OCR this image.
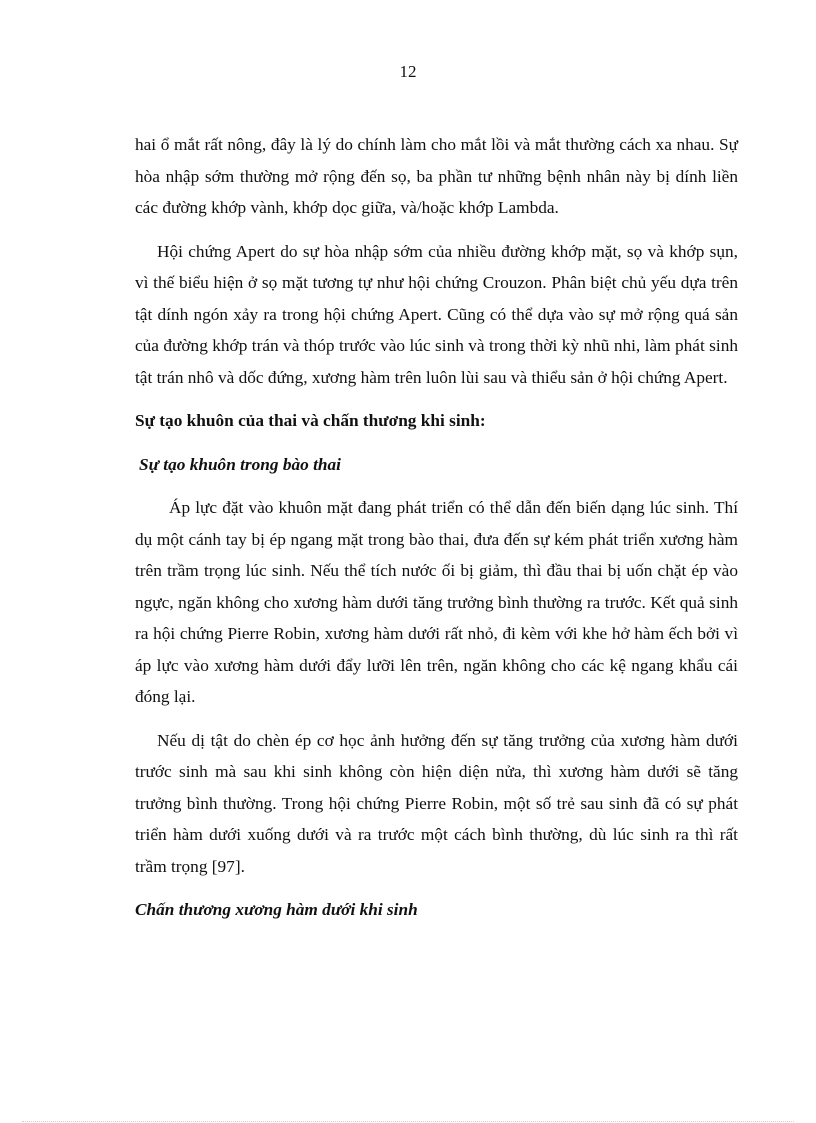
12

hai ổ mắt rất nông, đây là lý do chính làm cho mắt lồi và mắt thường cách xa nhau. Sự hòa nhập sớm thường mở rộng đến sọ, ba phần tư những bệnh nhân này bị dính liền các đường khớp vành, khớp dọc giữa, và/hoặc khớp Lambda.

Hội chứng Apert do sự hòa nhập sớm của nhiều đường khớp mặt, sọ và khớp sụn, vì thế biểu hiện ở sọ mặt tương tự như hội chứng Crouzon. Phân biệt chủ yếu dựa trên tật dính ngón xảy ra trong hội chứng Apert. Cũng có thể dựa vào sự mở rộng quá sản của đường khớp trán và thóp trước vào lúc sinh và trong thời kỳ nhũ nhi, làm phát sinh tật trán nhô và dốc đứng, xương hàm trên luôn lùi sau và thiểu sản ở hội chứng Apert.

Sự tạo khuôn của thai và chấn thương khi sinh:

Sự tạo khuôn trong bào thai

Áp lực đặt vào khuôn mặt đang phát triển có thể dẫn đến biến dạng lúc sinh. Thí dụ một cánh tay bị ép ngang mặt trong bào thai, đưa đến sự kém phát triển xương hàm trên trầm trọng lúc sinh. Nếu thể tích nước ối bị giảm, thì đầu thai bị uốn chặt ép vào ngực, ngăn không cho xương hàm dưới tăng trưởng bình thường ra trước. Kết quả sinh ra hội chứng Pierre Robin, xương hàm dưới rất nhỏ, đi kèm với khe hở hàm ếch bởi vì áp lực vào xương hàm dưới đẩy lưỡi lên trên, ngăn không cho các kệ ngang khẩu cái đóng lại.

Nếu dị tật do chèn ép cơ học ảnh hưởng đến sự tăng trưởng của xương hàm dưới trước sinh mà sau khi sinh không còn hiện diện nửa, thì xương hàm dưới sẽ tăng trưởng bình thường. Trong hội chứng Pierre Robin, một số trẻ sau sinh đã có sự phát triển hàm dưới xuống dưới và ra trước một cách bình thường, dù lúc sinh ra thì rất trầm trọng [97].

Chấn thương xương hàm dưới khi sinh
